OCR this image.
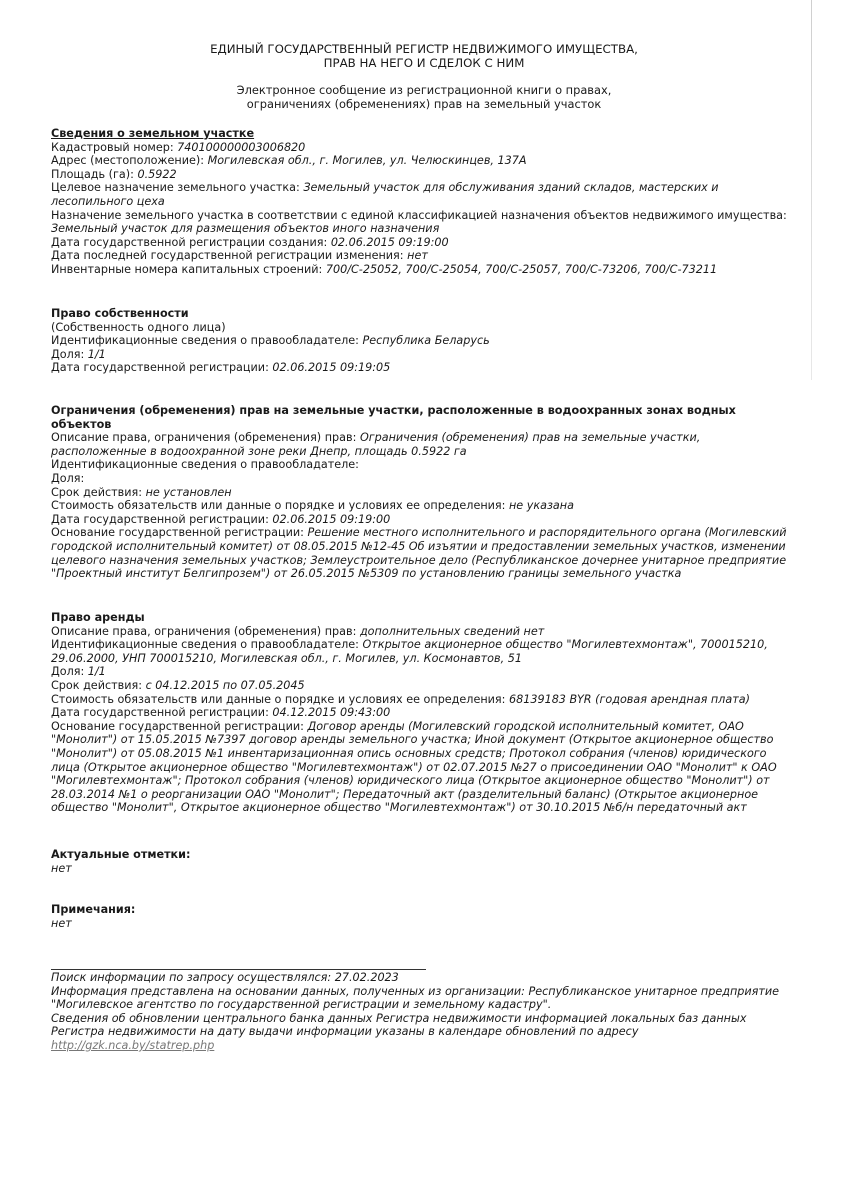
ЕДИНЫЙ ГОСУДАРСТВЕННЫЙ РЕГИСТР НЕДВИЖИМОГО ИМУЩЕСТВА,
ПРАВ НА НЕГО И СДЕЛОК С НИМ
Электронное сообщение из регистрационной книги о правах,
ограничениях (обременениях) прав на земельный участок
Сведения о земельном участке
Кадастровый номер: 740100000003006820
Адрес (местоположение): Могилевская обл., г. Могилев, ул. Челюскинцев, 137А
Площадь (га): 0.5922
Целевое назначение земельного участка: Земельный участок для обслуживания зданий складов, мастерских и лесопильного цеха
Назначение земельного участка в соответствии с единой классификацией назначения объектов недвижимого имущества:
Земельный участок для размещения объектов иного назначения
Дата государственной регистрации создания: 02.06.2015 09:19:00
Дата последней государственной регистрации изменения: нет
Инвентарные номера капитальных строений: 700/С-25052, 700/С-25054, 700/С-25057, 700/С-73206, 700/С-73211
Право собственности
(Собственность одного лица)
Идентификационные сведения о правообладателе: Республика Беларусь
Доля: 1/1
Дата государственной регистрации: 02.06.2015 09:19:05
Ограничения (обременения) прав на земельные участки, расположенные в водоохранных зонах водных объектов
Описание права, ограничения (обременения) прав: Ограничения (обременения) прав на земельные участки, расположенные в водоохранной зоне реки Днепр, площадь 0.5922 га
Идентификационные сведения о правообладателе:
Доля:
Срок действия: не установлен
Стоимость обязательств или данные о порядке и условиях ее определения: не указана
Дата государственной регистрации: 02.06.2015 09:19:00
Основание государственной регистрации: Решение местного исполнительного и распорядительного органа (Могилевский городской исполнительный комитет) от 08.05.2015 №12-45 Об изъятии и предоставлении земельных участков, изменении целевого назначения земельных участков; Землеустроительное дело (Республиканское дочернее унитарное предприятие "Проектный институт Белгипрозем") от 26.05.2015 №5309 по установлению границы земельного участка
Право аренды
Описание права, ограничения (обременения) прав: дополнительных сведений нет
Идентификационные сведения о правообладателе: Открытое акционерное общество "Могилевтехмонтаж", 700015210, 29.06.2000, УНП 700015210, Могилевская обл., г. Могилев, ул. Космонавтов, 51
Доля: 1/1
Срок действия: с 04.12.2015 по 07.05.2045
Стоимость обязательств или данные о порядке и условиях ее определения: 68139183 BYR (годовая арендная плата)
Дата государственной регистрации: 04.12.2015 09:43:00
Основание государственной регистрации: Договор аренды (Могилевский городской исполнительный комитет, ОАО "Монолит") от 15.05.2015 №7397 договор аренды земельного участка; Иной документ (Открытое акционерное общество "Монолит") от 05.08.2015 №1 инвентаризационная опись основных средств; Протокол собрания (членов) юридического лица (Открытое акционерное общество "Могилевтехмонтаж") от 02.07.2015 №27 о присоединении ОАО "Монолит" к ОАО "Могилевтехмонтаж"; Протокол собрания (членов) юридического лица (Открытое акционерное общество "Монолит") от 28.03.2014 №1 о реорганизации ОАО "Монолит"; Передаточный акт (разделительный баланс) (Открытое акционерное общество "Монолит", Открытое акционерное общество "Могилевтехмонтаж") от 30.10.2015 №б/н передаточный акт
Актуальные отметки:
нет
Примечания:
нет
Поиск информации по запросу осуществлялся: 27.02.2023
Информация представлена на основании данных, полученных из организации: Республиканское унитарное предприятие "Могилевское агентство по государственной регистрации и земельному кадастру".
Сведения об обновлении центрального банка данных Регистра недвижимости информацией локальных баз данных Регистра недвижимости на дату выдачи информации указаны в календаре обновлений по адресу
http://gzk.nca.by/statrep.php
